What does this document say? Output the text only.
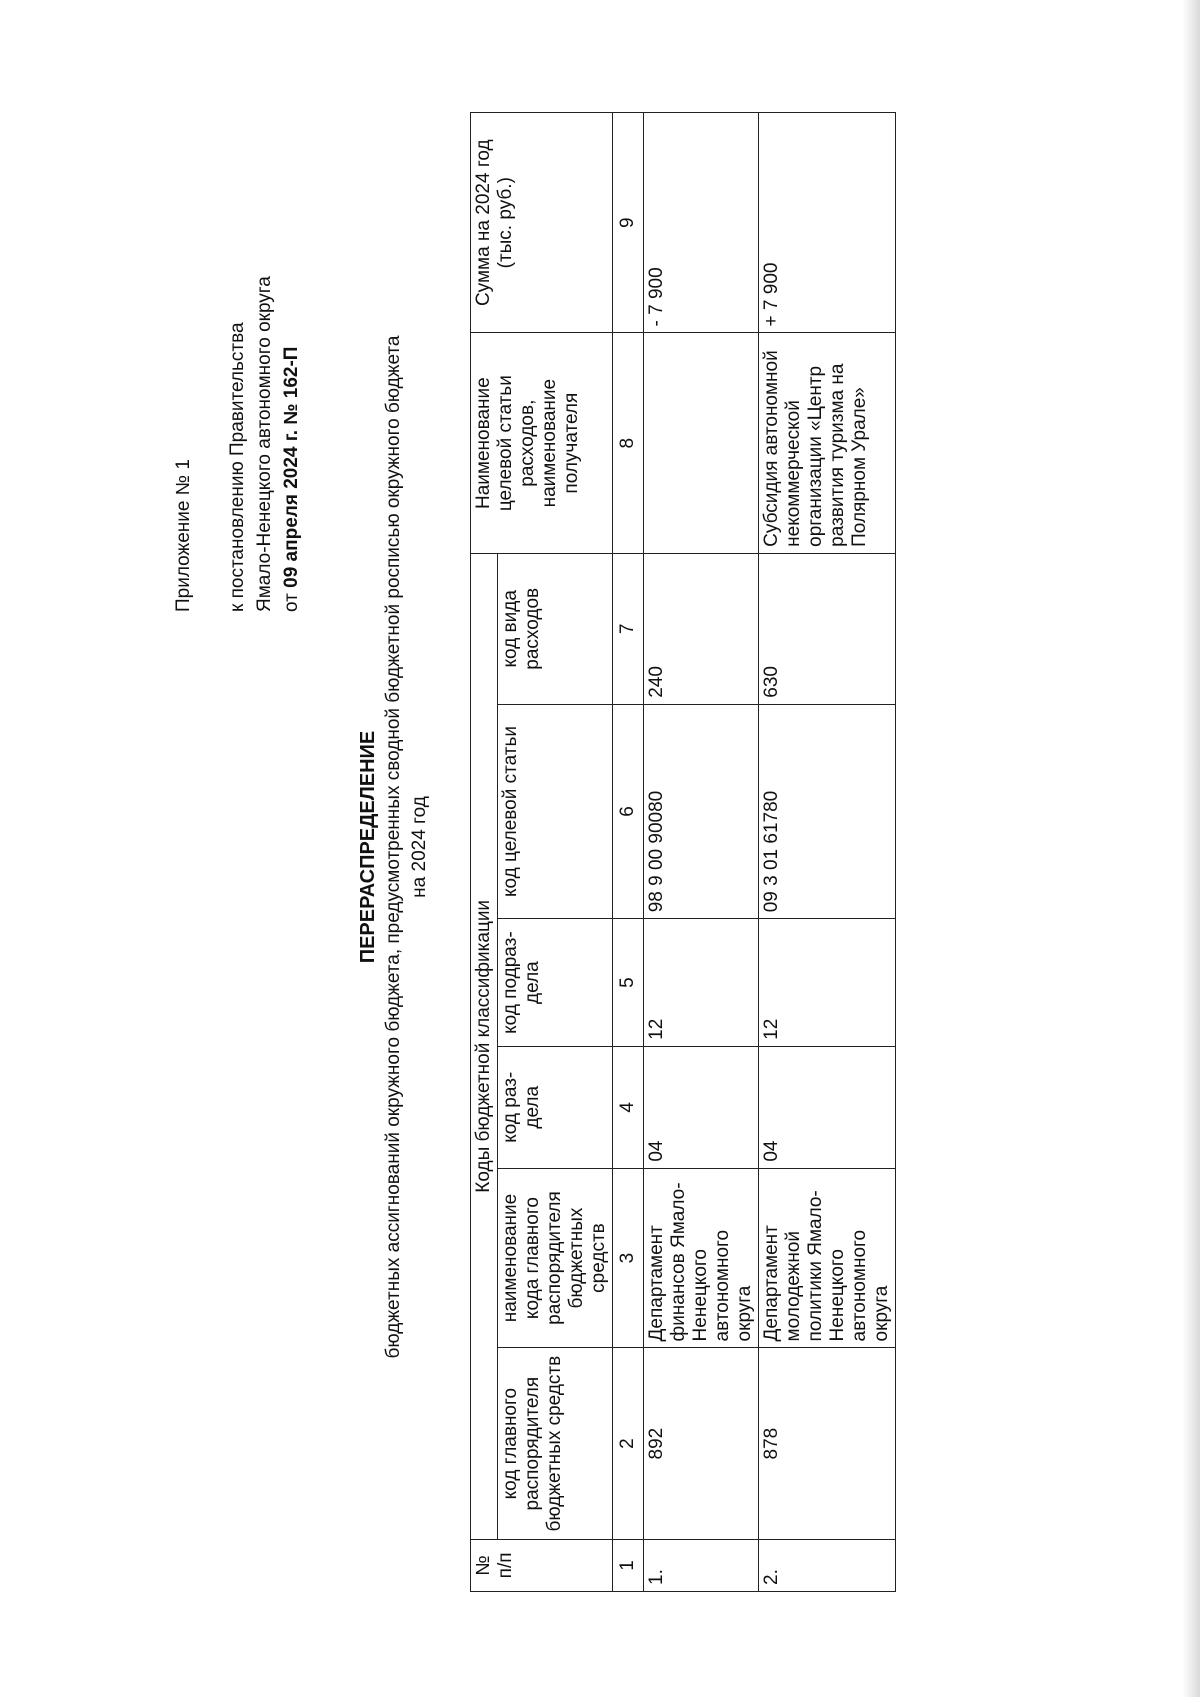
Приложение № 1 к постановлению Правительства Ямало-Ненецкого автономного округа от 09 апреля 2024 г. № 162-П
ПЕРЕРАСПРЕДЕЛЕНИЕ бюджетных ассигнований окружного бюджета, предусмотренных сводной бюджетной росписью окружного бюджета на 2024 год
№ п/п	Коды бюджетной классификации						Наименование целевой статьи расходов, наименование получателя	Сумма на 2024 год (тыс. руб.)
	код главного распорядителя бюджетных средств	наименование кода главного распорядителя бюджетных средств	код раз- дела	код подраз- дела	код целевой статьи	код вида расходов		
1	2	3	4	5	6	7	8	9
1.	892	Департамент финансов Ямало-Ненецкого автономного округа	04	12	98 9 00 90080	240		- 7 900
2.	878	Департамент молодежной политики Ямало-Ненецкого автономного округа	04	12	09 3 01 61780	630	Субсидия автономной некоммерческой организации «Центр развития туризма на Полярном Урале»	+ 7 900
